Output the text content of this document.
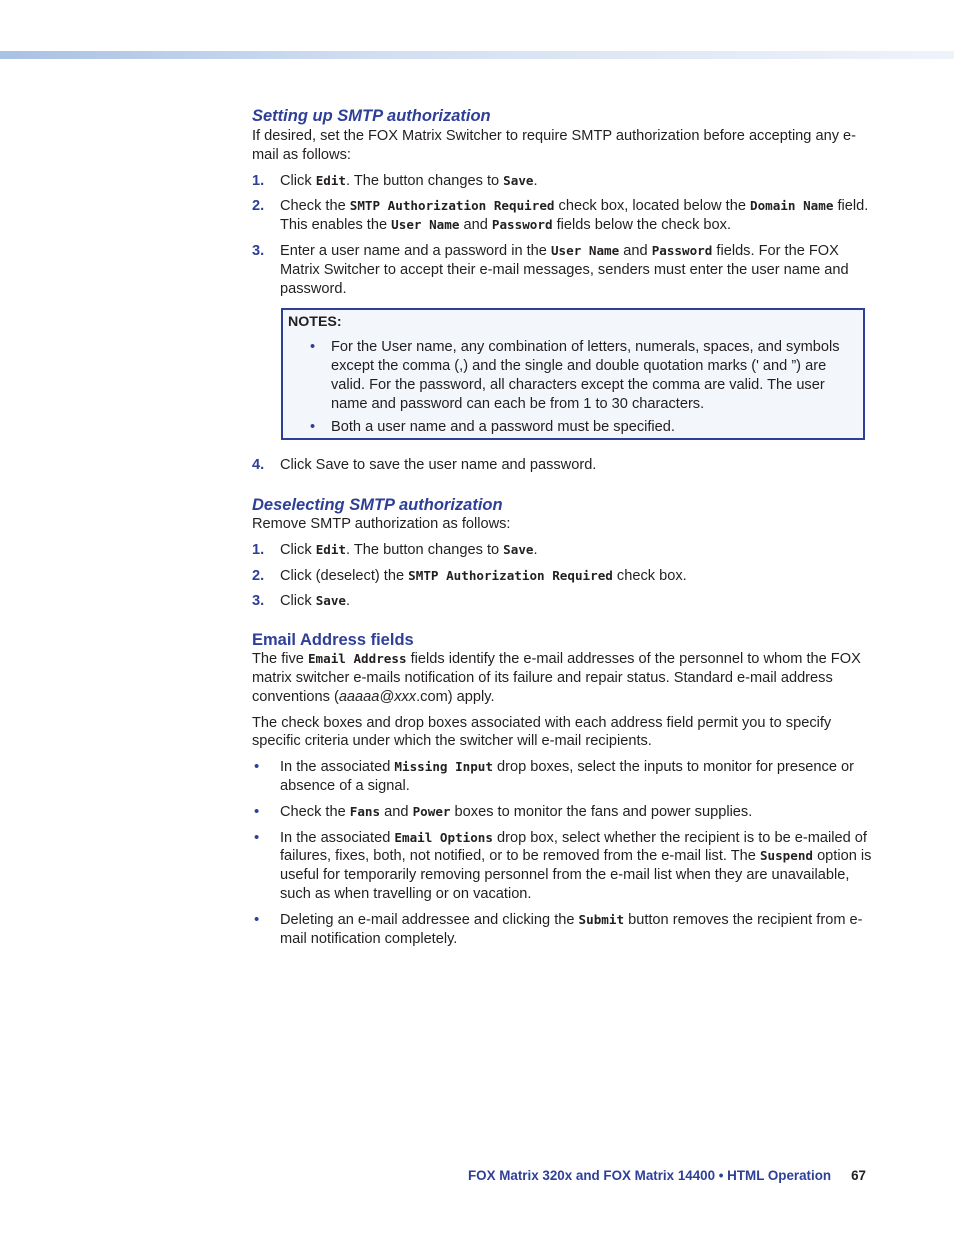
Setting up SMTP authorization

If desired, set the FOX Matrix Switcher to require SMTP authorization before accepting any e-mail as follows:

1. Click Edit. The button changes to Save.
2. Check the SMTP Authorization Required check box, located below the Domain Name field. This enables the User Name and Password fields below the check box.
3. Enter a user name and a password in the User Name and Password fields. For the FOX Matrix Switcher to accept their e-mail messages, senders must enter the user name and password.

NOTES:

• For the User name, any combination of letters, numerals, spaces, and symbols except the comma (,) and the single and double quotation marks (' and ”) are valid. For the password, all characters except the comma are valid. The user name and password can each be from 1 to 30 characters.
• Both a user name and a password must be specified.
4. Click Save to save the user name and password.
Deselecting SMTP authorization

Remove SMTP authorization as follows:

1. Click Edit. The button changes to Save.
2. Click (deselect) the SMTP Authorization Required check box.
3. Click Save.
Email Address fields

The five Email Address fields identify the e-mail addresses of the personnel to whom the FOX matrix switcher e-mails notification of its failure and repair status. Standard e-mail address conventions (aaaaa@xxx.com) apply.

The check boxes and drop boxes associated with each address field permit you to specify specific criteria under which the switcher will e-mail recipients.

• In the associated Missing Input drop boxes, select the inputs to monitor for presence or absence of a signal.
• Check the Fans and Power boxes to monitor the fans and power supplies.
• In the associated Email Options drop box, select whether the recipient is to be e-mailed of failures, fixes, both, not notified, or to be removed from the e-mail list. The Suspend option is useful for temporarily removing personnel from the e-mail list when they are unavailable, such as when travelling or on vacation.
• Deleting an e-mail addressee and clicking the Submit button removes the recipient from e-mail notification completely.
FOX Matrix 320x and FOX Matrix 14400 • HTML Operation 67
